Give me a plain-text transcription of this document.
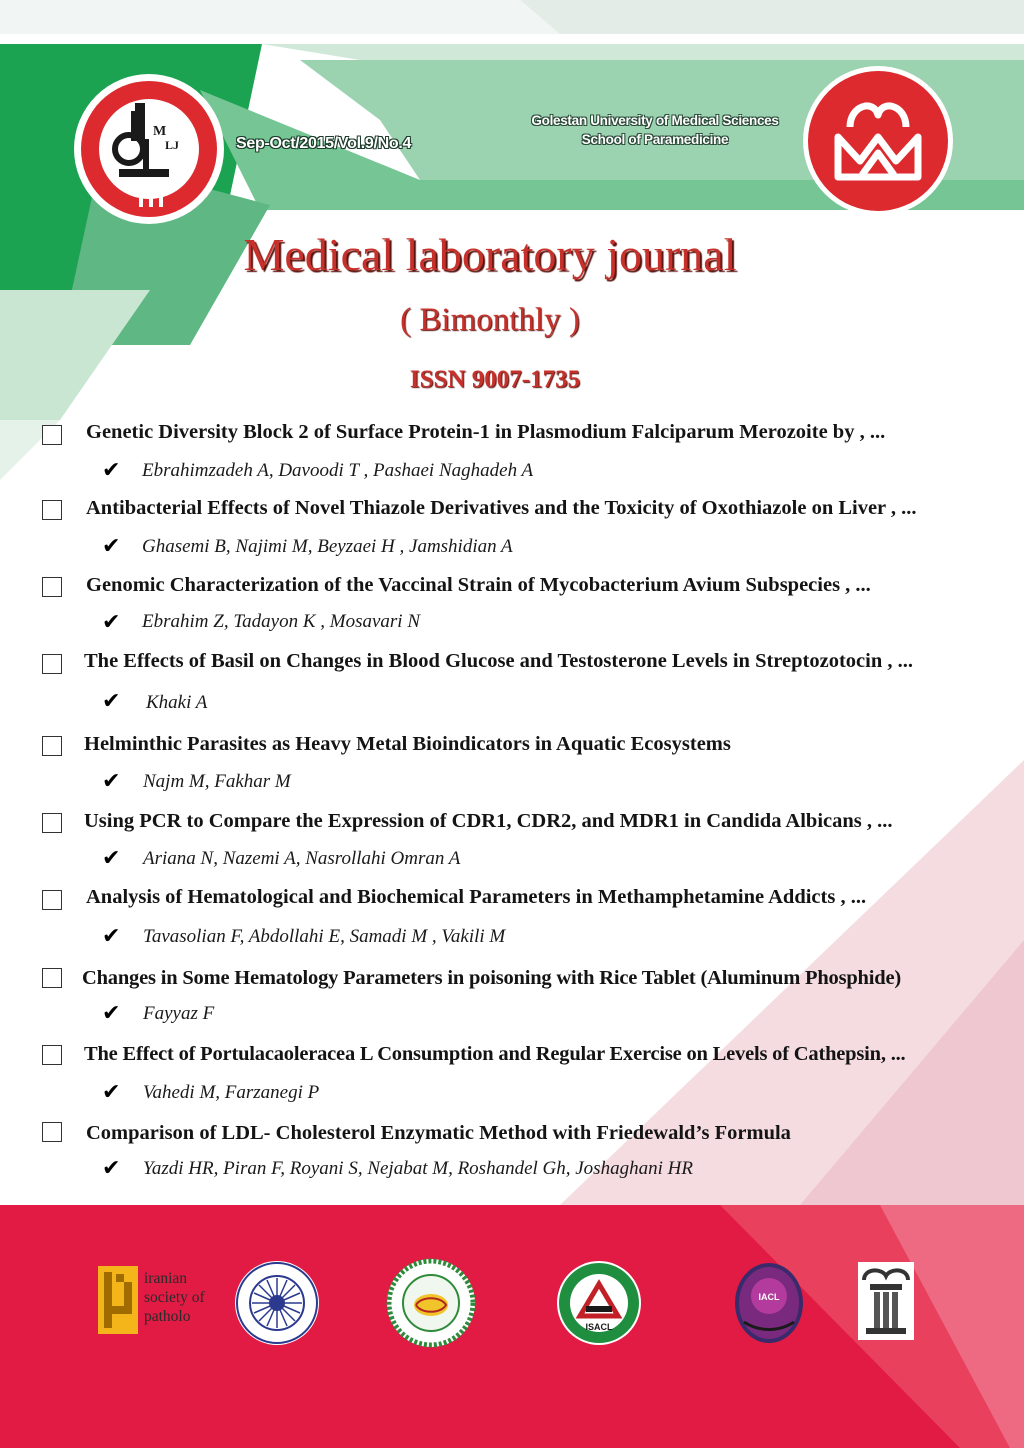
M
LJ	Sep-Oct/2015/Vol.9/No.4
Golestan University of Medical Sciences
School of Paramedicine
Medical laboratory journal
( Bimonthly )
ISSN 9007-1735
Genetic Diversity Block 2 of Surface Protein-1 in Plasmodium Falciparum Merozoite by , ...
✔ Ebrahimzadeh A, Davoodi T , Pashaei Naghadeh A
Antibacterial Effects of Novel Thiazole Derivatives and the Toxicity of Oxothiazole on Liver , ...
✔ Ghasemi B, Najimi M, Beyzaei H , Jamshidian A
Genomic Characterization of the Vaccinal Strain of Mycobacterium Avium Subspecies , ...
✔ Ebrahim Z, Tadayon K , Mosavari N
The Effects of Basil on Changes in Blood Glucose and Testosterone Levels in Streptozotocin , ...
✔ Khaki A
Helminthic Parasites as Heavy Metal Bioindicators in Aquatic Ecosystems
✔ Najm M, Fakhar M
Using PCR to Compare the Expression of CDR1, CDR2, and MDR1 in Candida Albicans , ...
✔ Ariana N, Nazemi A, Nasrollahi Omran A
Analysis of Hematological and Biochemical Parameters in Methamphetamine Addicts , ...
✔ Tavasolian F, Abdollahi E, Samadi M , Vakili M
Changes in Some Hematology Parameters in poisoning with Rice Tablet (Aluminum Phosphide)
✔ Fayyaz F
The Effect of Portulacaoleracea L Consumption and Regular Exercise on Levels of Cathepsin, ...
✔ Vahedi M, Farzanegi P
Comparison of LDL- Cholesterol Enzymatic Method with Friedewald’s Formula
✔ Yazdi HR, Piran F, Royani S, Nejabat M, Roshandel Gh, Joshaghani HR
iranian
society of
patholo
ISACL
IACL
